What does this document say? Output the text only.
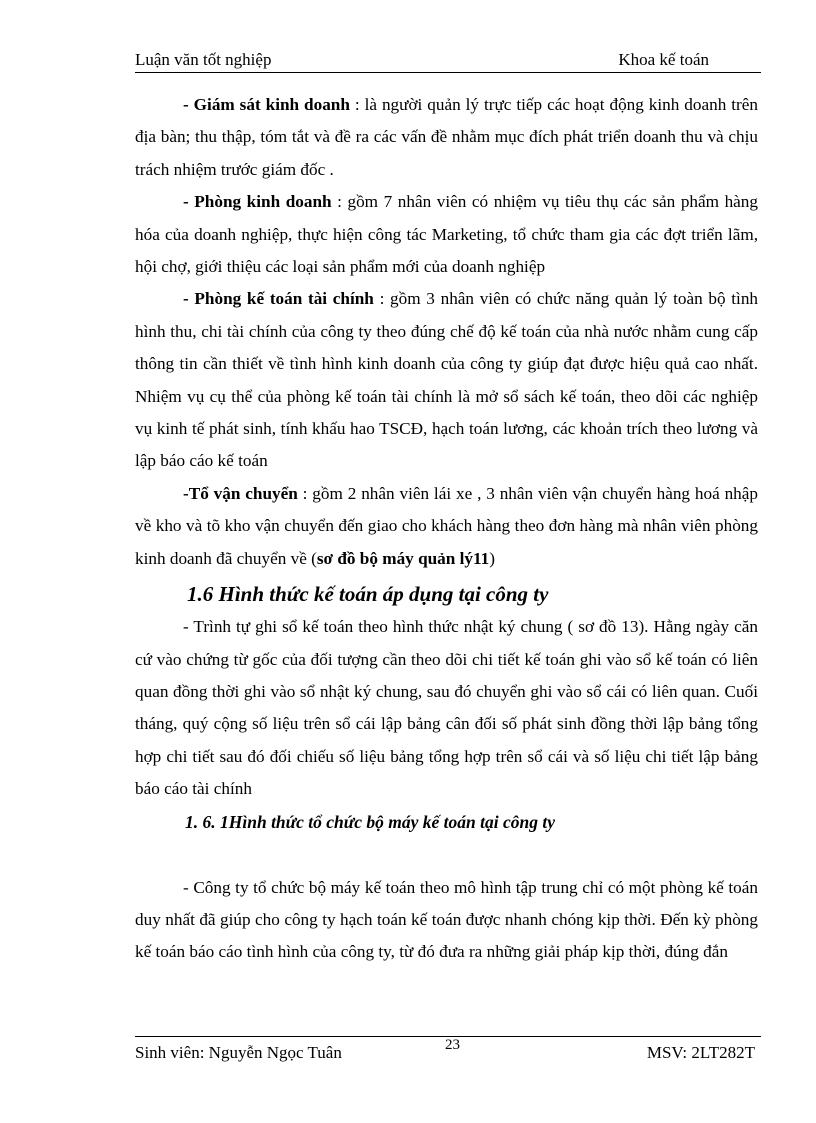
Luận văn tốt nghiệp	Khoa kế toán

- Giám sát kinh doanh : là người quản lý trực tiếp các hoạt động kinh doanh trên địa bàn; thu thập, tóm tắt và đề ra các vấn đề nhằm mục đích phát triển doanh thu và chịu trách nhiệm trước giám đốc .

- Phòng kinh doanh : gồm 7 nhân viên có nhiệm vụ tiêu thụ các sản phẩm hàng hóa của doanh nghiệp, thực hiện công tác Marketing, tổ chức tham gia các đợt triển lãm, hội chợ, giới thiệu các loại sản phẩm mới của doanh nghiệp

- Phòng kế toán tài chính : gồm 3 nhân viên có chức năng quản lý toàn bộ tình hình thu, chi tài chính của công ty theo đúng chế độ kế toán của nhà nước nhằm cung cấp thông tin cần thiết về tình hình kinh doanh của công ty giúp đạt được hiệu quả cao nhất. Nhiệm vụ cụ thể của phòng kế toán tài chính là mở sổ sách kế toán, theo dõi các nghiệp vụ kinh tế phát sinh, tính khấu hao TSCĐ, hạch toán lương, các khoản trích theo lương và lập báo cáo kế toán

-Tổ vận chuyển : gồm 2 nhân viên lái xe , 3 nhân viên vận chuyển hàng hoá nhập về kho và tõ kho vận chuyển đến giao cho khách hàng theo đơn hàng mà nhân viên phòng kinh doanh đã chuyển về (sơ đồ bộ máy quản lý11)

1.6 Hình thức kế toán áp dụng tại công ty

- Trình tự ghi sổ kế toán theo hình thức nhật ký chung ( sơ đồ 13). Hằng ngày căn cứ vào chứng từ gốc của đối tượng cần theo dõi chi tiết kế toán ghi vào sổ kế toán có liên quan đồng thời ghi vào sổ nhật ký chung, sau đó chuyển ghi vào sổ cái có liên quan. Cuối tháng, quý cộng số liệu trên sổ cái lập bảng cân đối số phát sinh đồng thời lập bảng tổng hợp chi tiết sau đó đối chiếu số liệu bảng tổng hợp trên sổ cái và số liệu chi tiết lập bảng báo cáo tài chính

1. 6. 1Hình thức tổ chức bộ máy kế toán tại công ty

- Công ty tổ chức bộ máy kế toán theo mô hình tập trung chỉ có một phòng kế toán duy nhất đã giúp cho công ty hạch toán kế toán được nhanh chóng kịp thời. Đến kỳ phòng kế toán báo cáo tình hình của công ty, từ đó đưa ra những giải pháp kịp thời, đúng đắn

Sinh viên: Nguyễn Ngọc Tuân	23	MSV: 2LT282T
